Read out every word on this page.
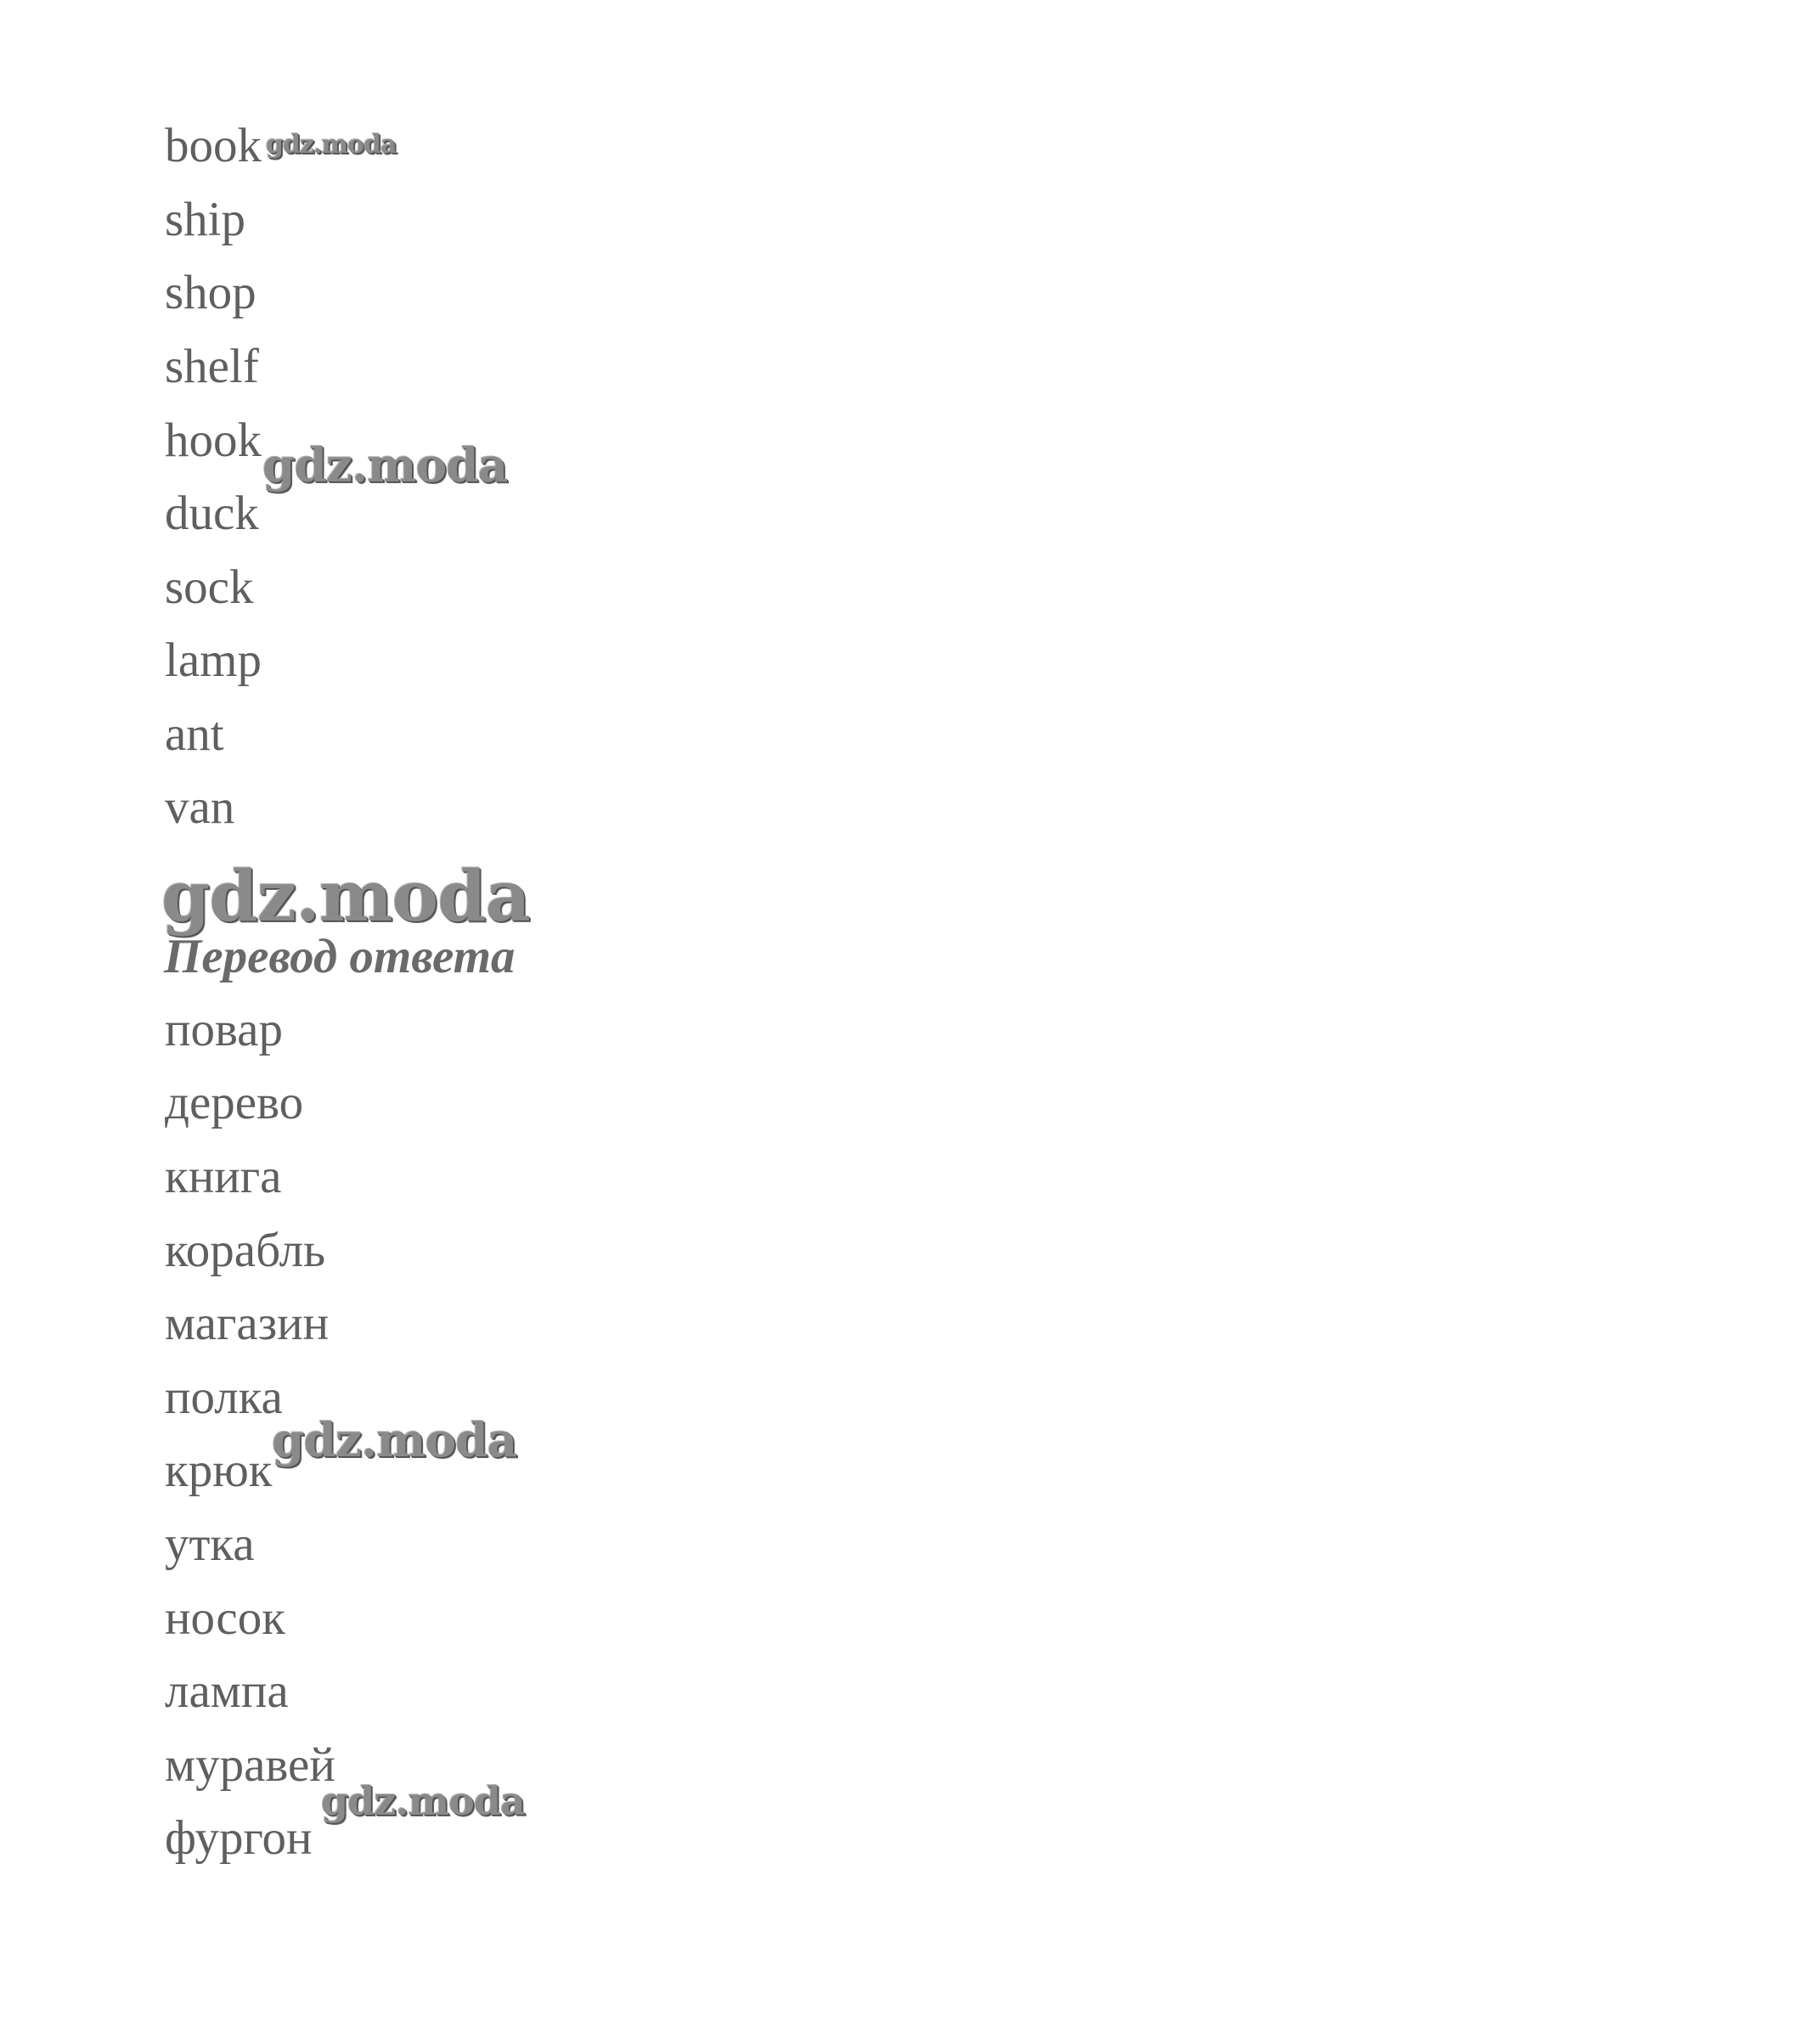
book
ship
shop
shelf
hook
duck
sock
lamp
ant
van
Перевод ответа
повар
дерево
книга
корабль
магазин
полка
крюк
утка
носок
лампа
муравей
фургон
gdz.moda
gdz.moda
gdz.moda
gdz.moda
gdz.moda
